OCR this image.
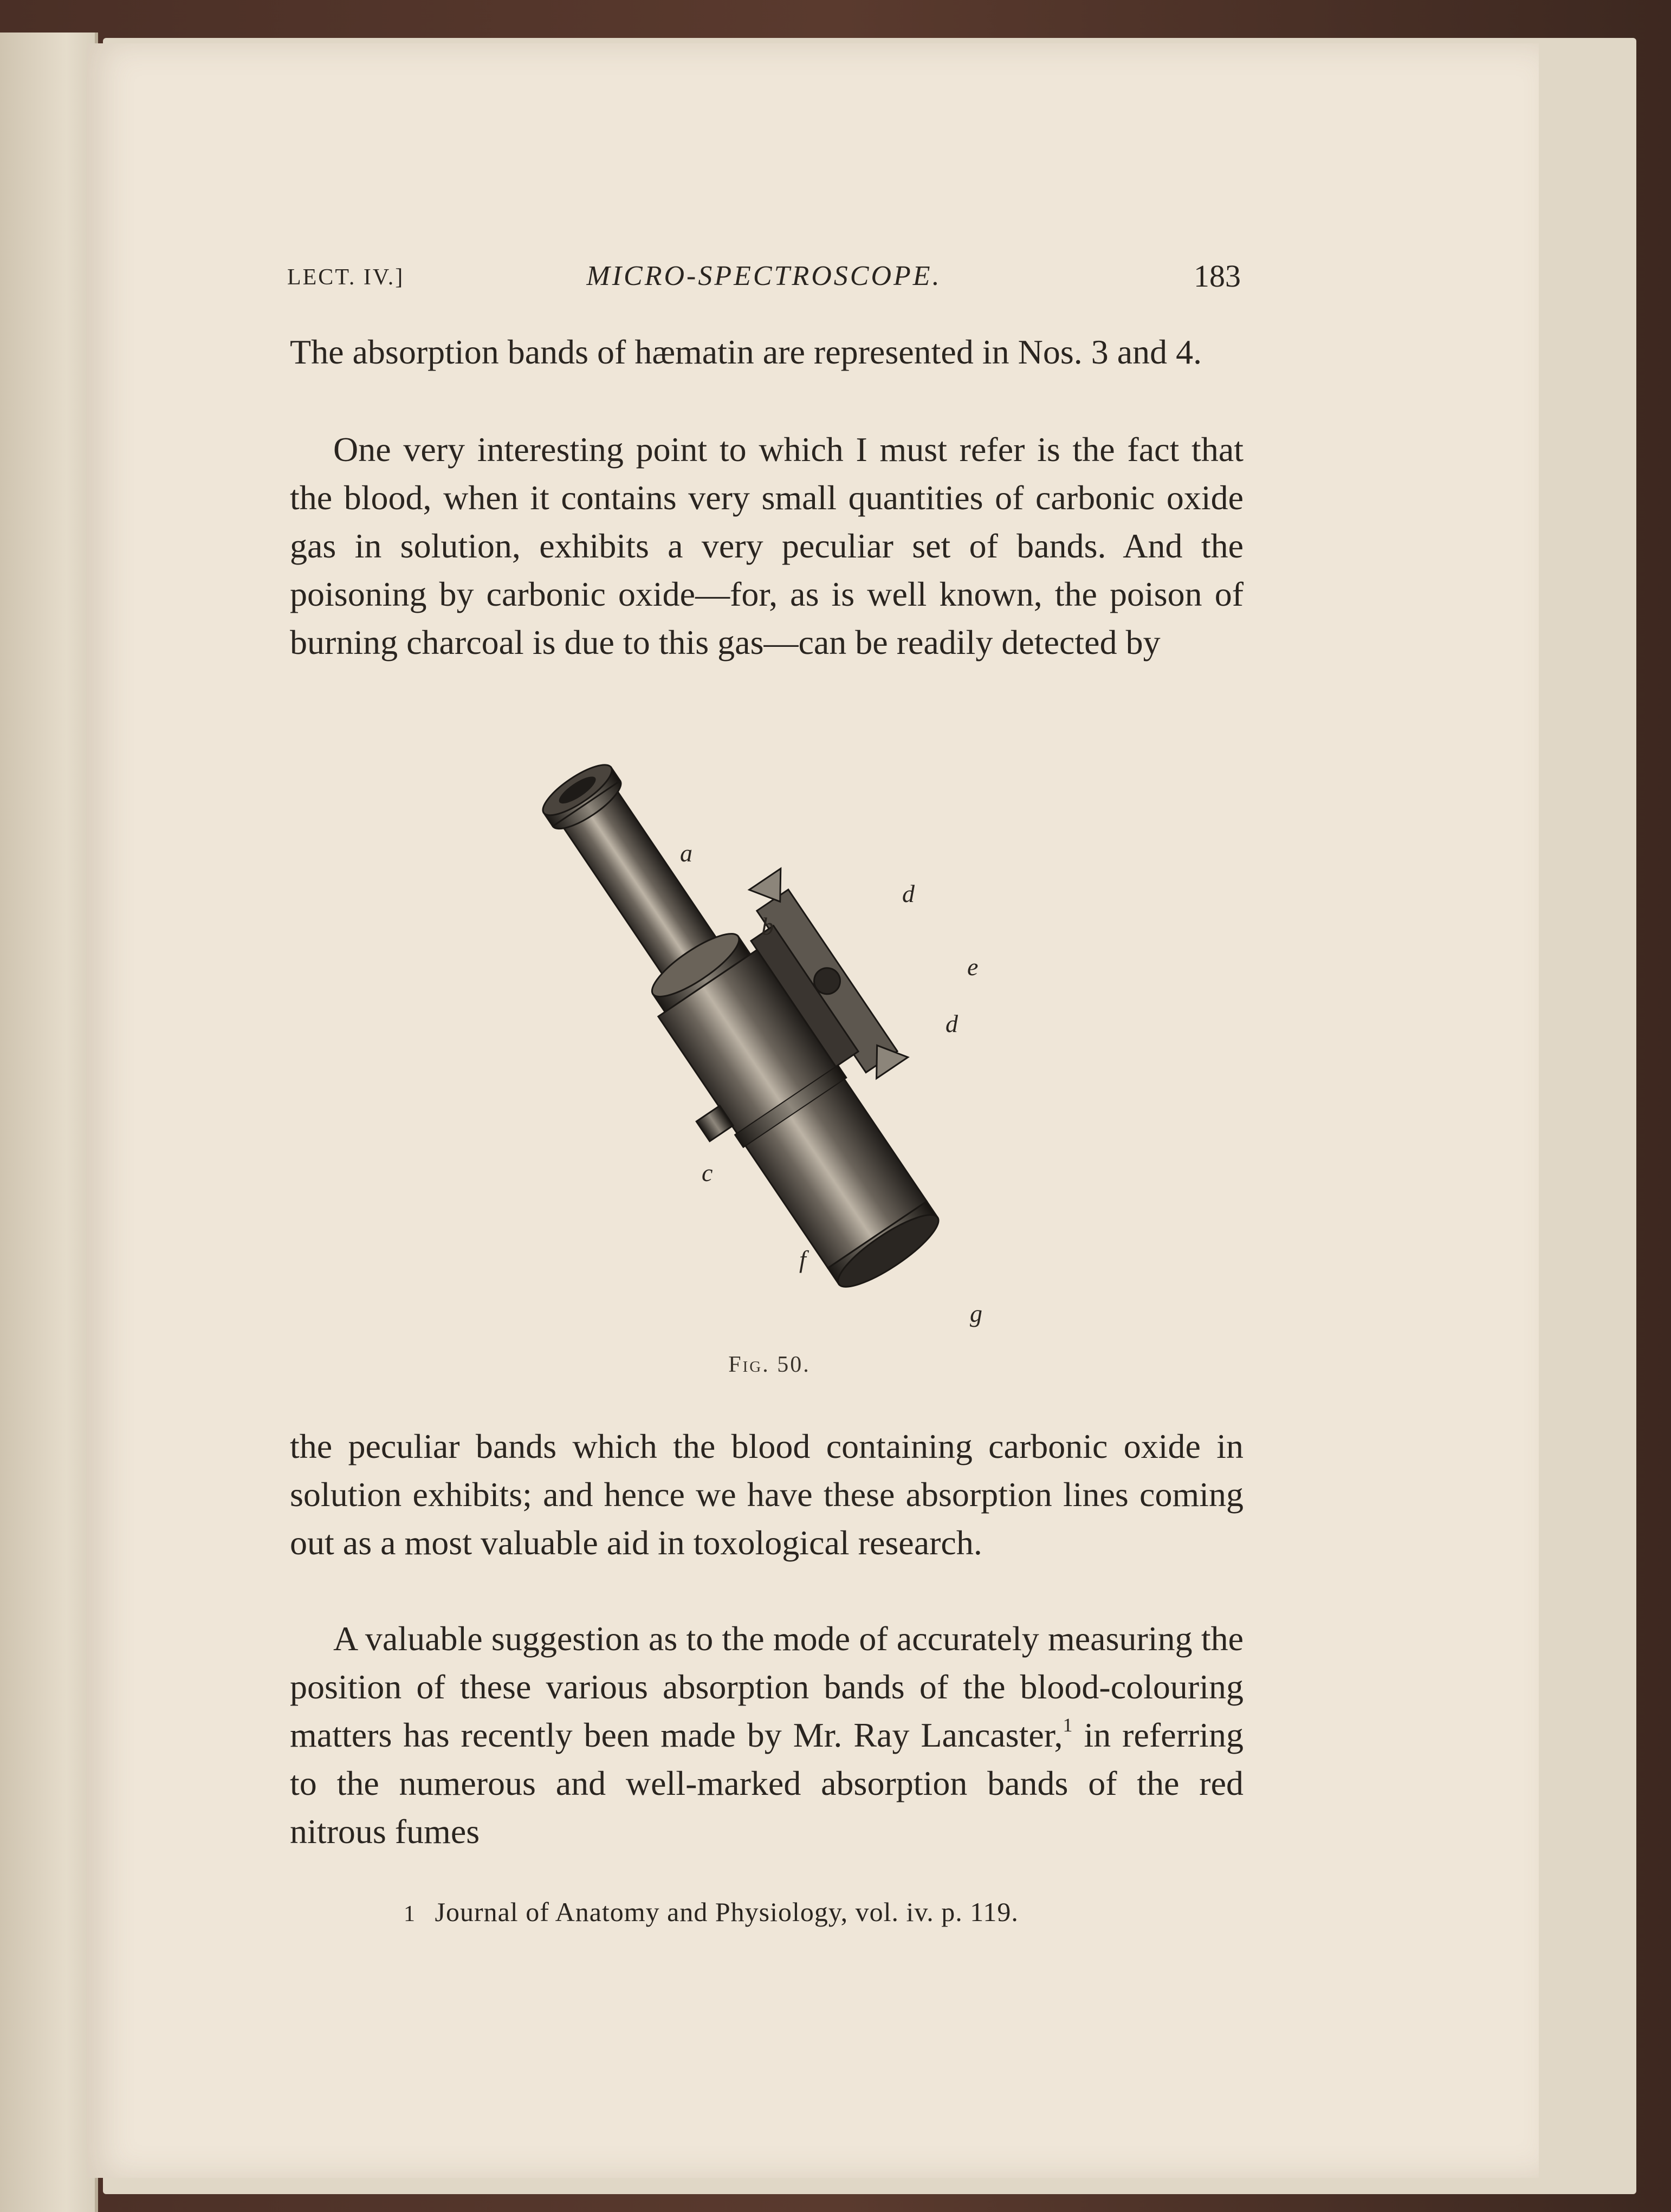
LECT. IV.]	MICRO-SPECTROSCOPE.	183

The absorption bands of hæmatin are represented in Nos. 3 and 4.

One very interesting point to which I must refer is the fact that the blood, when it contains very small quantities of carbonic oxide gas in solution, exhibits a very peculiar set of bands. And the poisoning by carbonic oxide—for, as is well known, the poison of burning charcoal is due to this gas—can be readily detected by

a
b
d
e
d
c
f
g
Fig. 50.

the peculiar bands which the blood containing carbonic oxide in solution exhibits; and hence we have these absorption lines coming out as a most valuable aid in toxological research.

A valuable suggestion as to the mode of accurately measuring the position of these various absorption bands of the blood-colouring matters has recently been made by Mr. Ray Lancaster,$^1$ in referring to the numerous and well-marked absorption bands of the red nitrous fumes

1 Journal of Anatomy and Physiology, vol. iv. p. 119.
